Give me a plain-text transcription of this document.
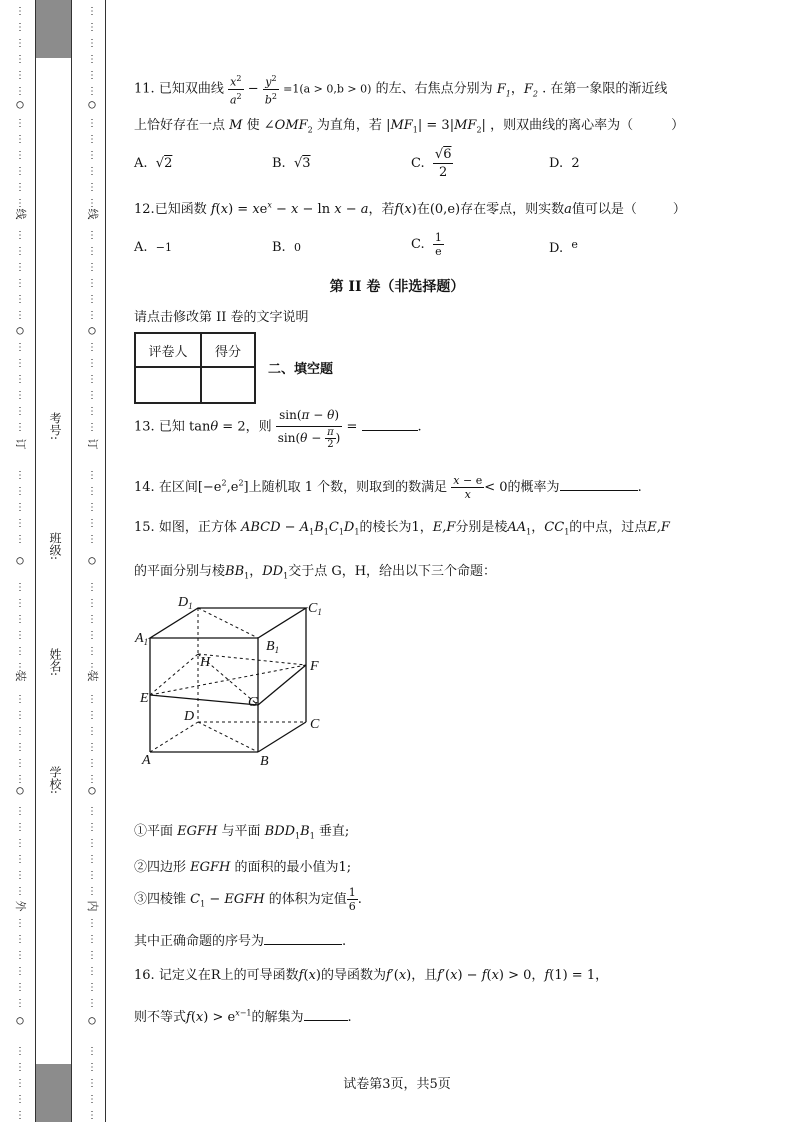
⋮
⋮
⋮
⋮
⋮
⋮
⋮
⋮
⋮
⋮
⋮
⋮
⋮
⋮
⋮
⋮
⋮
⋮
⋮
⋮
⋮
⋮
⋮
⋮
⋮
⋮
⋮
⋮
⋮
⋮
⋮
⋮
⋮
⋮
⋮
⋮
⋮
⋮
⋮
⋮
⋮
⋮
⋮
⋮
⋮
⋮
⋮
⋮
⋮
⋮
⋮
⋮
⋮
⋮
⋮
⋮
⋮
⋮
○
○
○
○
○
线
订
装
外
考号:
班级:
姓名:
学校:
⋮
⋮
⋮
⋮
⋮
⋮
⋮
⋮
⋮
⋮
⋮
⋮
⋮
⋮
⋮
⋮
⋮
⋮
⋮
⋮
⋮
⋮
⋮
⋮
⋮
⋮
⋮
⋮
⋮
⋮
⋮
⋮
⋮
⋮
⋮
⋮
⋮
⋮
⋮
⋮
⋮
⋮
⋮
⋮
⋮
⋮
⋮
⋮
⋮
⋮
⋮
⋮
⋮
⋮
⋮
⋮
⋮
⋮
○
○
○
○
○
线
订
装
内
11. 已知双曲线 $\frac{x^2}{a^2} - \frac{y^2}{b^2} =1(a > 0,b > 0)$ 的左、右焦点分别为 $F_1$，$F_2$ . 在第一象限的渐近线
上恰好存在一点 M 使 $\angle OMF_2$ 为直角，若 $|MF_1| = 3|MF_2|$ ，则双曲线的离心率为（	）
A.  √2	B.  √3	C. $\frac{√6}{2}$	D.  2
12.已知函数 $f(x) = xe^x - x - \ln x - a$，若f(x)在(0,e)存在零点，则实数a值可以是（	）
A. −1	B. 0	C. $\frac{1}{e}$	D. $^e$
第 II 卷（非选择题）
请点击修改第 II 卷的文字说明
评卷人	得分

二、填空题
13. 已知 tanθ = 2，则 $\frac{\sin(\pi - \theta)}{\sin(\theta - \frac{\pi}{2} )}$ =	.
14. 在区间$[-e^2,e^2]$上随机取 1 个数，则取到的数满足 $\frac{x - e}{x} < 0$的概率为	.
15. 如图，正方体 ABCD − $A_1B_1C_1D_1$的棱长为1，E,F分别是棱$AA_1$，$CC_1$的中点，过点E,F
的平面分别与棱$BB_1$，$DD_1$交于点 G，H，给出以下三个命题：
$D_1$	$C_1$
$A_1$	$B_1$
H	F
E	G
D
C
A	B
①平面 EGFH 与平面 $BDD_1B_1$ 垂直;
②四边形 EGFH 的面积的最小值为1;
③四棱锥 $C_1$ − EGFH 的体积为定值 $\frac{1}{6}$ .
其中正确命题的序号为	.
16. 记定义在R上的可导函数f(x)的导函数为f′(x)，且f′(x) − f(x) > 0，f(1) = 1，
则不等式$f(x) > e^{x-1}$的解集为	.
试卷第3页，共5页
